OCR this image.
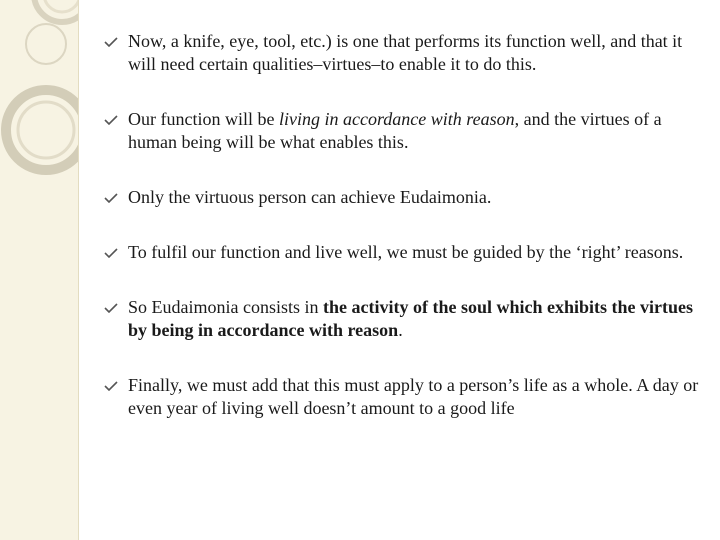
Now, a knife, eye, tool, etc.) is one that performs its function well, and that it will need certain qualities–virtues–to enable it to do this.
Our function will be living in accordance with reason, and the virtues of a human being will be what enables this.
Only the virtuous person can achieve Eudaimonia.
To fulfil our function and live well, we must be guided by the ‘right’ reasons.
So Eudaimonia consists in the activity of the soul which exhibits the virtues by being in accordance with reason.
Finally, we must add that this must apply to a person’s life as a whole. A day or even year of living well doesn’t amount to a good life
